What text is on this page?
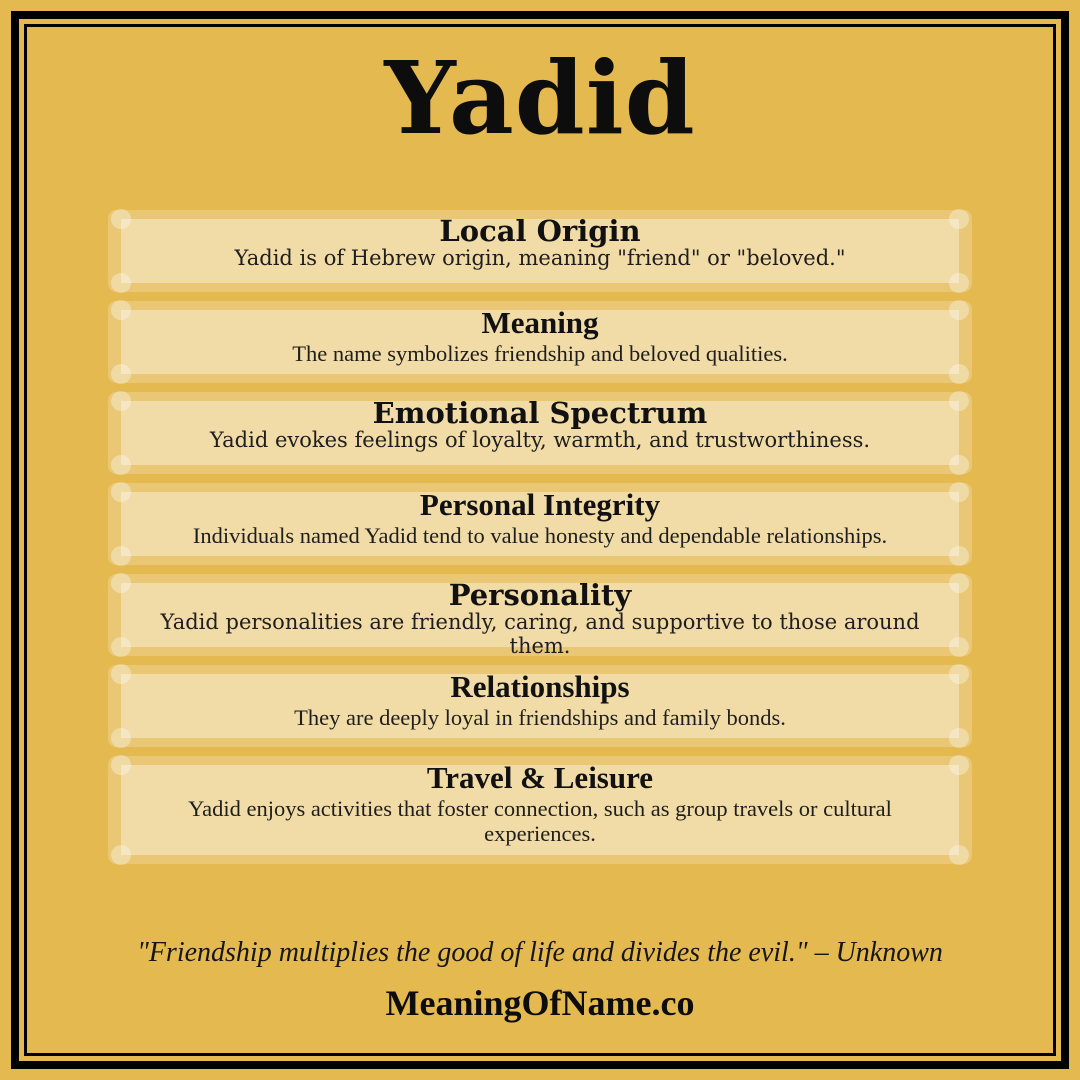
Yadid
Local Origin

Yadid is of Hebrew origin, meaning "friend" or "beloved."

Meaning

The name symbolizes friendship and beloved qualities.

Emotional Spectrum

Yadid evokes feelings of loyalty, warmth, and trustworthiness.

Personal Integrity

Individuals named Yadid tend to value honesty and dependable relationships.

Personality

Yadid personalities are friendly, caring, and supportive to those around them.

Relationships

They are deeply loyal in friendships and family bonds.

Travel & Leisure

Yadid enjoys activities that foster connection, such as group travels or cultural experiences.

"Friendship multiplies the good of life and divides the evil." – Unknown

MeaningOfName.co
